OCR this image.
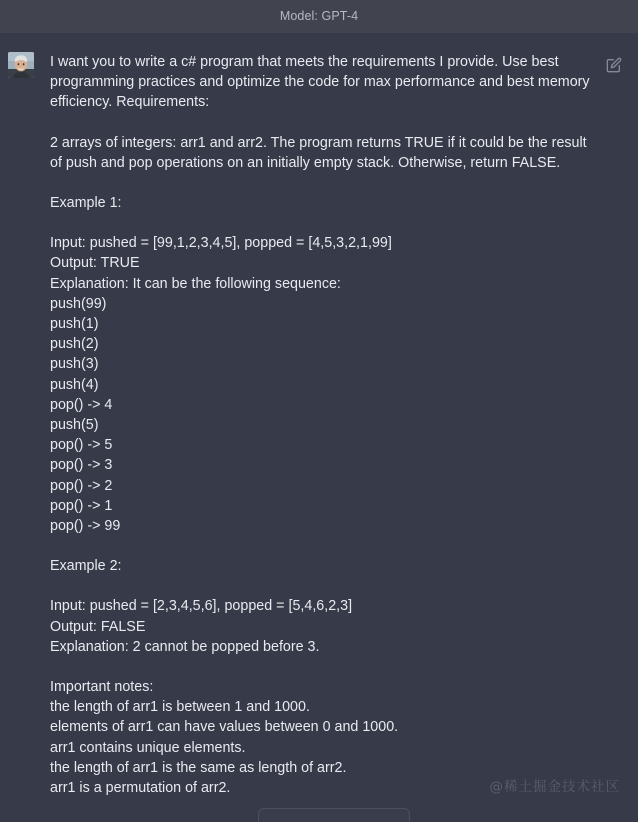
Model: GPT-4

I want you to write a c# program that meets the requirements I provide. Use best programming practices and optimize the code for max performance and best memory efficiency. Requirements:

2 arrays of integers: arr1 and arr2. The program returns TRUE if it could be the result of push and pop operations on an initially empty stack. Otherwise, return FALSE.

Example 1:

Input: pushed = [99,1,2,3,4,5], popped = [4,5,3,2,1,99]
Output: TRUE
Explanation: It can be the following sequence:
push(99)
push(1)
push(2)
push(3)
push(4)
pop() -> 4
push(5)
pop() -> 5
pop() -> 3
pop() -> 2
pop() -> 1
pop() -> 99

Example 2:

Input: pushed = [2,3,4,5,6], popped = [5,4,6,2,3]
Output: FALSE
Explanation: 2 cannot be popped before 3.
Important notes:
the length of arr1 is between 1 and 1000.
elements of arr1 can have values between 0 and 1000.
arr1 contains unique elements.
the length of arr1 is the same as length of arr2.
arr1 is a permutation of arr2.	@稀土掘金技术社区
